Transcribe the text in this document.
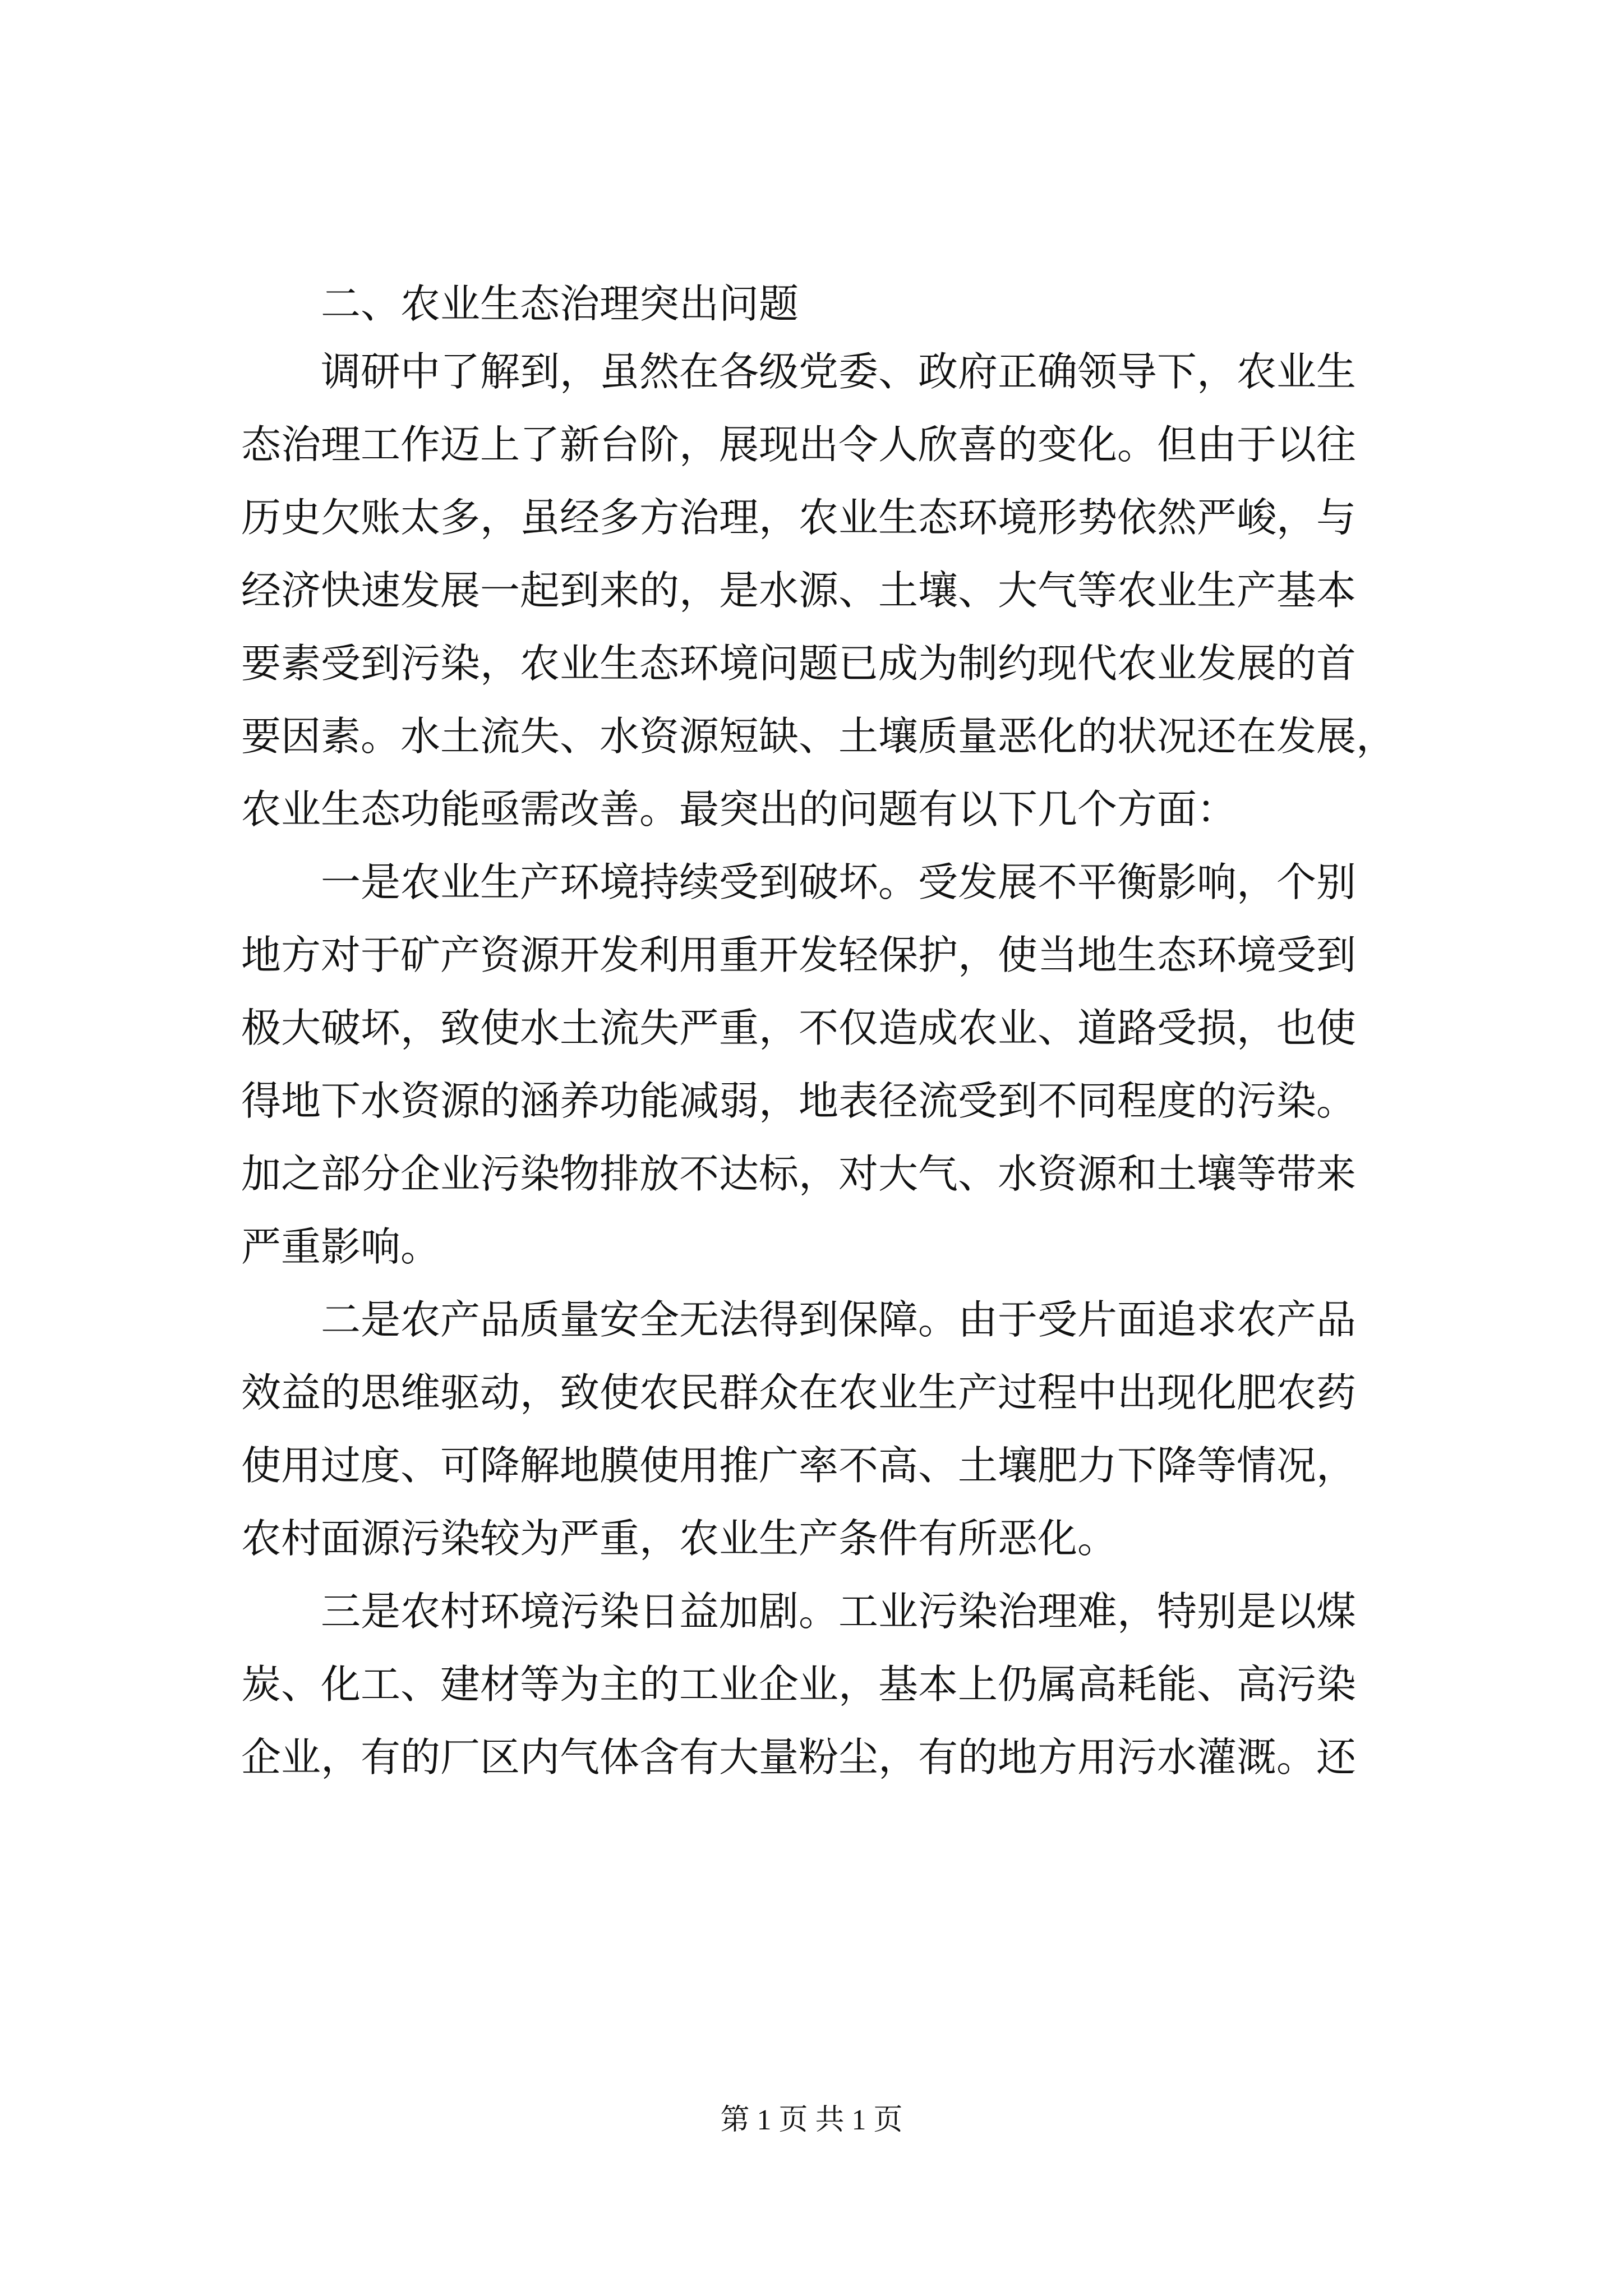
二、农业生态治理突出问题
调研中了解到，虽然在各级党委、政府正确领导下，农业生
态治理工作迈上了新台阶，展现出令人欣喜的变化。但由于以往
历史欠账太多，虽经多方治理，农业生态环境形势依然严峻，与
经济快速发展一起到来的，是水源、土壤、大气等农业生产基本
要素受到污染，农业生态环境问题已成为制约现代农业发展的首
要因素。水土流失、水资源短缺、土壤质量恶化的状况还在发展，
农业生态功能亟需改善。最突出的问题有以下几个方面：
一是农业生产环境持续受到破坏。受发展不平衡影响，个别
地方对于矿产资源开发利用重开发轻保护，使当地生态环境受到
极大破坏，致使水土流失严重，不仅造成农业、道路受损，也使
得地下水资源的涵养功能减弱，地表径流受到不同程度的污染。
加之部分企业污染物排放不达标，对大气、水资源和土壤等带来
严重影响。
二是农产品质量安全无法得到保障。由于受片面追求农产品
效益的思维驱动，致使农民群众在农业生产过程中出现化肥农药
使用过度、可降解地膜使用推广率不高、土壤肥力下降等情况，
农村面源污染较为严重，农业生产条件有所恶化。
三是农村环境污染日益加剧。工业污染治理难，特别是以煤
炭、化工、建材等为主的工业企业，基本上仍属高耗能、高污染
企业，有的厂区内气体含有大量粉尘，有的地方用污水灌溉。还
第 1 页 共 1 页
